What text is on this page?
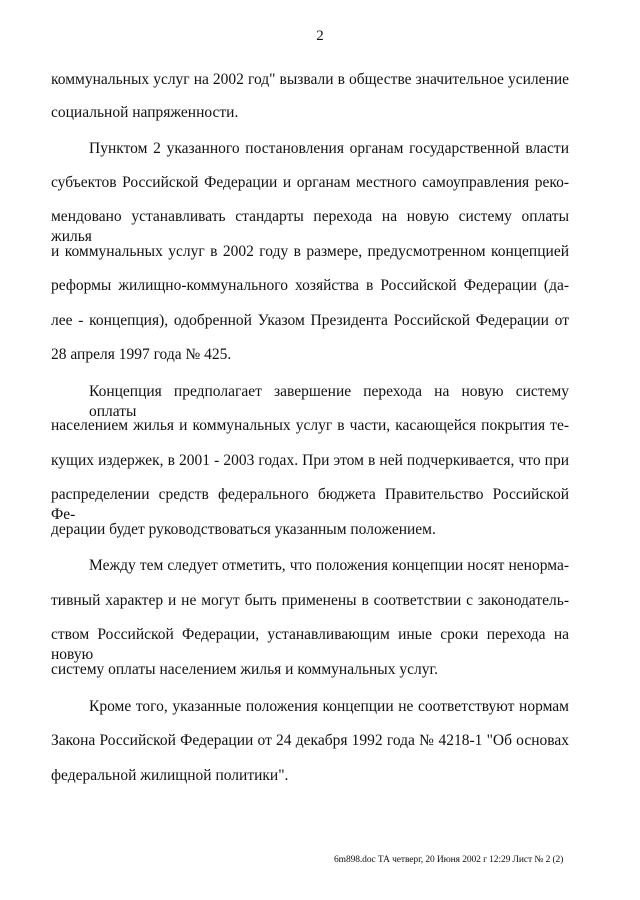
2
коммунальных услуг на 2002 год" вызвали в обществе значительное усиление
социальной напряженности.
Пунктом 2 указанного постановления органам государственной власти
субъектов Российской Федерации и органам местного самоуправления реко-
мендовано устанавливать стандарты перехода на новую систему оплаты жилья
и коммунальных услуг в 2002 году в размере, предусмотренном концепцией
реформы жилищно-коммунального хозяйства в Российской Федерации (да-
лее - концепция), одобренной Указом Президента Российской Федерации от
28 апреля 1997 года № 425.
Концепция предполагает завершение перехода на новую систему оплаты
населением жилья и коммунальных услуг в части, касающейся покрытия те-
кущих издержек, в 2001 - 2003 годах. При этом в ней подчеркивается, что при
распределении средств федерального бюджета Правительство Российской Фе-
дерации будет руководствоваться указанным положением.
Между тем следует отметить, что положения концепции носят ненорма-
тивный характер и не могут быть применены в соответствии с законодатель-
ством Российской Федерации, устанавливающим иные сроки перехода на новую
систему оплаты населением жилья и коммунальных услуг.
Кроме того, указанные положения концепции не соответствуют нормам
Закона Российской Федерации от 24 декабря 1992 года № 4218-1 "Об основах
федеральной жилищной политики".
6m898.doc ТА четверг, 20 Июня 2002 г 12:29 Лист № 2 (2)
